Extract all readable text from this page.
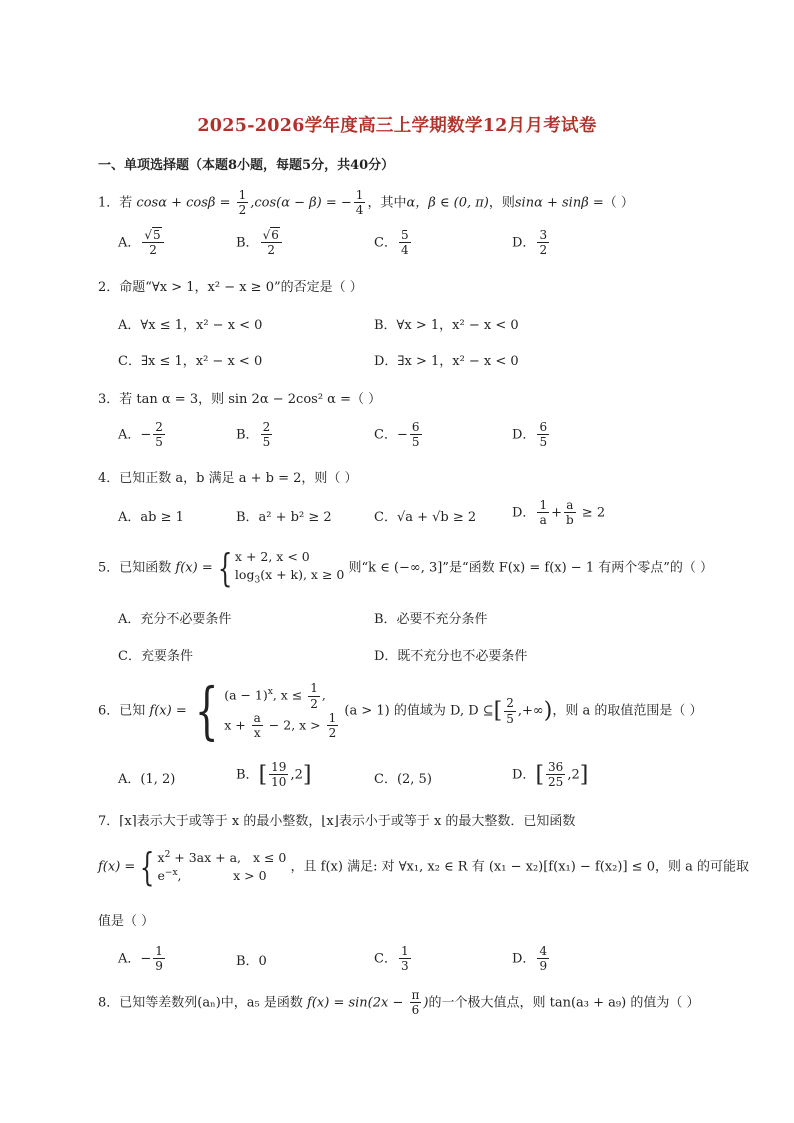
2025-2026学年度高三上学期数学12月月考试卷
一、单项选择题（本题8小题，每题5分，共40分）
1．若 $\cos\alpha + \cos\beta = \frac{1}{2} ,\cos(\alpha - \beta)$ = − $\frac{1}{4}$ ，其中α，β ∈ (0, π)，则sinα + sinβ =（ ）
A． $\frac{√5}{2}$	B． $\frac{√6}{2}$	C． $\frac{5}{4}$	D． $\frac{3}{2}$
2．命题“∀x > 1，x² − x ≥ 0”的否定是（ ）
A．∀x ≤ 1，x² − x < 0	B．∀x > 1，x² − x < 0
C．∃x ≤ 1，x² − x < 0	D．∃x > 1，x² − x < 0
3．若 tan α = 3，则 sin 2α − 2cos² α =（ ）
A．− $\frac{2}{5}$	B． $\frac{2}{5}$	C．− $\frac{6}{5}$	D． $\frac{6}{5}$
4．已知正数 a，b 满足 a + b = 2，则（ ）
A．ab ≥ 1	B．a² + b² ≥ 2	C．√a + √b ≥ 2	D． $\frac{1}{a} + \frac{a}{b} \ge 2$
5．已知函数 f(x) = { x + 2, x < 0
$\log_3(x + k)$, x ≥ 0 则“k ∈ (−∞, 3]”是“函数 F(x) = f(x) − 1 有两个零点”的（ ）
A．充分不必要条件	B．必要不充分条件
C．充要条件	D．既不充分也不必要条件
6．已知 f(x) = { $(a - 1)^x$, $x \le \frac{1}{2}$ ,
$x + \frac{a}{x} - 2$, $x > \frac{1}{2} (a > 1)$ 的值域为 D, D ⊆[ $\frac{2}{5}$ ,+∞)，则 a 的取值范围是（ ）
A．(1, 2)	B．[ $\frac{19}{10} ,2$]	C．(2, 5)	D．[ $\frac{36}{25} ,2$]
7．⌈x⌉表示大于或等于 x 的最小整数，⌊x⌋表示小于或等于 x 的最大整数．已知函数
f(x) = { $x^2 + 3ax + a$,   x ≤ 0
$e^{-x}$,             x > 0
，且 f(x) 满足: 对 ∀x₁, x₂ ∈ R 有 (x₁ − x₂)[f(x₁) − f(x₂)] ≤ 0，则 a 的可能取
值是（ ）
A．− $\frac{1}{9}$	B．0	C． $\frac{1}{3}$	D． $\frac{4}{9}$
8．已知等差数列(aₙ)中，a₅ 是函数 $f(x) = \sin(2x - \frac{\pi}{6}$ )的一个极大值点，则 tan(a₃ + a₉) 的值为（ ）
